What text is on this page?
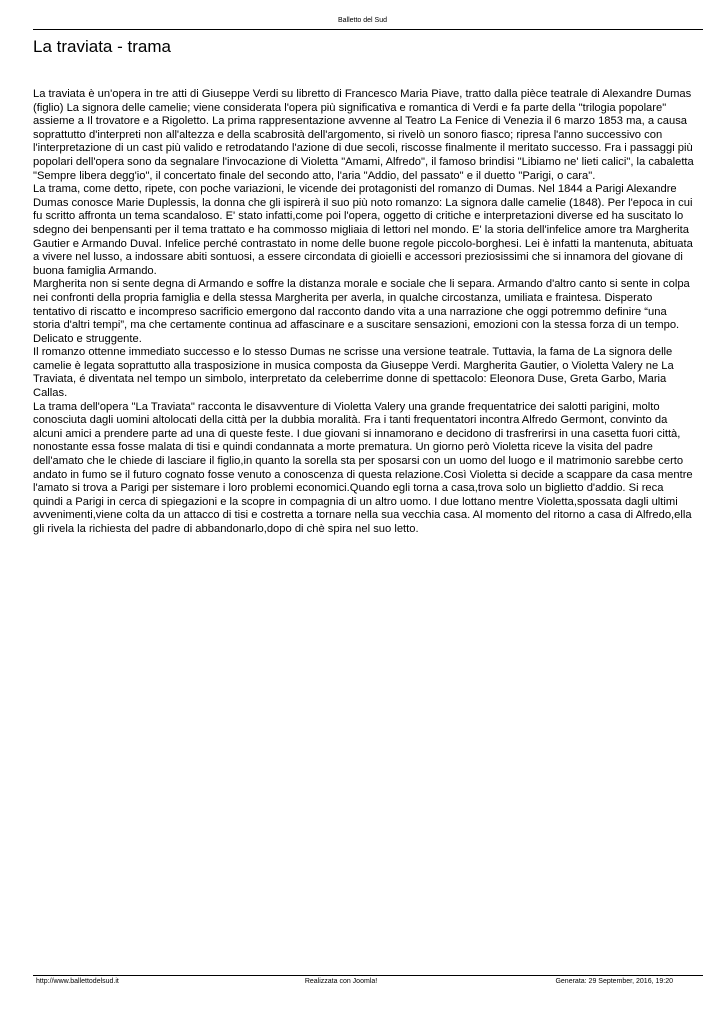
Balletto del Sud
La traviata - trama

La traviata è un'opera in tre atti di Giuseppe Verdi su libretto di Francesco Maria Piave, tratto dalla pièce teatrale di Alexandre Dumas (figlio) La signora delle camelie; viene considerata l'opera più significativa e romantica di Verdi e fa parte della "trilogia popolare" assieme a Il trovatore e a Rigoletto. La prima rappresentazione avvenne al Teatro La Fenice di Venezia il 6 marzo 1853 ma, a causa soprattutto d'interpreti non all'altezza e della scabrosità dell'argomento, si rivelò un sonoro fiasco; ripresa l'anno successivo con l'interpretazione di un cast più valido e retrodatando l'azione di due secoli, riscosse finalmente il meritato successo. Fra i passaggi più popolari dell'opera sono da segnalare l'invocazione di Violetta "Amami, Alfredo", il famoso brindisi "Libiamo ne' lieti calici", la cabaletta "Sempre libera degg'io", il concertato finale del secondo atto, l'aria "Addio, del passato" e il duetto "Parigi, o cara".

La trama, come detto, ripete, con poche variazioni, le vicende dei protagonisti del romanzo di Dumas. Nel 1844 a Parigi Alexandre Dumas conosce Marie Duplessis, la donna che gli ispirerà il suo più noto romanzo: La signora dalle camelie (1848). Per l'epoca in cui fu scritto affronta un tema scandaloso. E' stato infatti,come poi l'opera, oggetto di critiche e interpretazioni diverse ed ha suscitato lo sdegno dei benpensanti per il tema trattato e ha commosso migliaia di lettori nel mondo. E' la storia dell'infelice amore tra Margherita Gautier e Armando Duval. Infelice perché contrastato in nome delle buone regole piccolo-borghesi. Lei è infatti la mantenuta, abituata a vivere nel lusso, a indossare abiti sontuosi, a essere circondata di gioielli e accessori preziosissimi che si innamora del giovane di buona famiglia Armando.

Margherita non si sente degna di Armando e soffre la distanza morale e sociale che li separa. Armando d'altro canto si sente in colpa nei confronti della propria famiglia e della stessa Margherita per averla, in qualche circostanza, umiliata e fraintesa. Disperato tentativo di riscatto e incompreso sacrificio emergono dal racconto dando vita a una narrazione che oggi potremmo definire “una storia d'altri tempi”, ma che certamente continua ad affascinare e a suscitare sensazioni, emozioni con la stessa forza di un tempo. Delicato e struggente.

Il romanzo ottenne immediato successo e lo stesso Dumas ne scrisse una versione teatrale. Tuttavia, la fama de La signora delle camelie è legata soprattutto alla trasposizione in musica composta da Giuseppe Verdi. Margherita Gautier, o Violetta Valery ne La Traviata, é diventata nel tempo un simbolo, interpretato da celeberrime donne di spettacolo: Eleonora Duse, Greta Garbo, Maria Callas.

La trama dell'opera "La Traviata" racconta le disavventure di Violetta Valery una grande frequentatrice dei salotti parigini, molto conosciuta dagli uomini altolocati della città per la dubbia moralità. Fra i tanti frequentatori incontra Alfredo Germont, convinto da alcuni amici a prendere parte ad una di queste feste. I due giovani si innamorano e decidono di trasfrerirsi in una casetta fuori città, nonostante essa fosse malata di tisi e quindi condannata a morte prematura. Un giorno però Violetta riceve la visita del padre dell'amato che le chiede di lasciare il figlio,in quanto la sorella sta per sposarsi con un uomo del luogo e il matrimonio sarebbe certo andato in fumo se il futuro cognato fosse venuto a conoscenza di questa relazione.Così Violetta si decide a scappare da casa mentre l'amato si trova a Parigi per sistemare i loro problemi economici.Quando egli torna a casa,trova solo un biglietto d'addio. Si reca quindi a Parigi in cerca di spiegazioni e la scopre in compagnia di un altro uomo. I due lottano mentre Violetta,spossata dagli ultimi avvenimenti,viene colta da un attacco di tisi e costretta a tornare nella sua vecchia casa. Al momento del ritorno a casa di Alfredo,ella gli rivela la richiesta del padre di abbandonarlo,dopo di chè spira nel suo letto.

http://www.ballettodelsud.it	Realizzata con Joomla!	Generata: 29 September, 2016, 19:20
